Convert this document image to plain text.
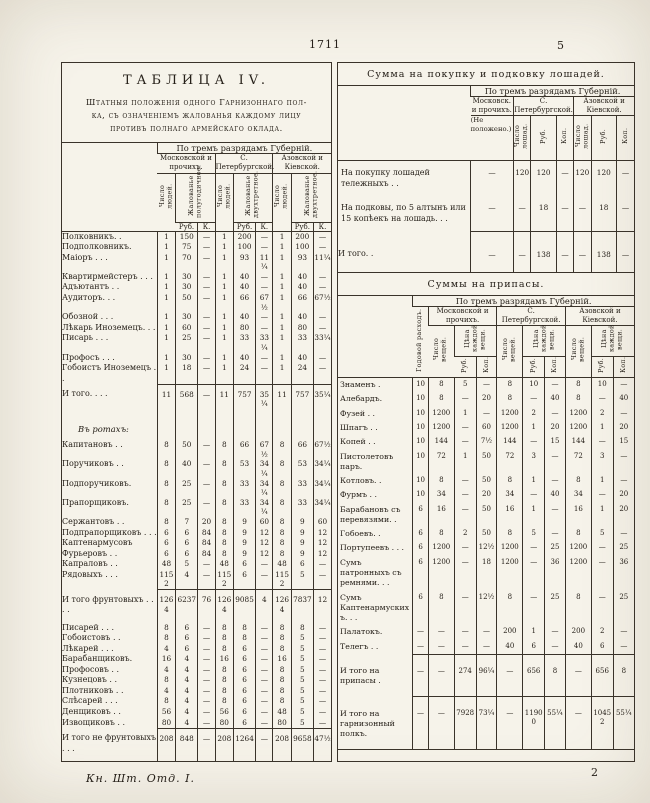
1711	5
ТАБЛИЦА IV.
Штатныя положенія одного Гарнизоннаго пол-
ка, съ означеніемъ жалованья каждому лицу
противъ полнаго армейскаго оклада.
	По тремъ разрядамъ Губерній.								
	Московской и прочихъ.			С. Петербургской.			Азовской и Кіевской.		
	Число людей.	Жалованье полугодичное.		Число людей.	Жалованье двухтретное.		Число людей.	Жалованье двухтретное.	
		Руб.	К.		Руб.	К.		Руб.	К.
Полковникъ. .	1	150	—	1	200	—	1	200	—
Подполковникъ.	1	75	—	1	100	—	1	100	—
Маіоръ . . .	1	70	—	1	93	11¼	1	93	11¼
Квартирмейстеръ . . .	1	30	—	1	40	—	1	40	—
Адъютантъ . .	1	30	—	1	40	—	1	40	—
Аудиторъ. . .	1	50	—	1	66	67½	1	66	67½
Обозной . . .	1	30	—	1	40	—	1	40	—
Лѣкарь Иноземецъ. . .	1	60	—	1	80	—	1	80	—
Писарь . . .	1	25	—	1	33	33¼	1	33	33¼
Профосъ . . .	1	30	—	1	40	—	1	40	—
Гобоистъ Иноземецъ . .	1	18	—	1	24	—	1	24	—
И того. . . .	11	568	—	11	757	35¼	11	757	35¼
Въ ротахъ:									
Капитановъ . .	8	50	—	8	66	67½	8	66	67½
Поручиковъ . .	8	40	—	8	53	34¼	8	53	34¼
Подпоручиковъ.	8	25	—	8	33	34¼	8	33	34¼
Прапорщиковъ.	8	25	—	8	33	34¼	8	33	34¼
Сержантовъ . .	8	7	20	8	9	60	8	9	60
Подпрапорщиковъ . . .	6	6	84	8	9	12	8	9	12
Каптенармусовъ	6	6	84	8	9	12	8	9	12
Фурьеровъ . .	6	6	84	8	9	12	8	9	12
Капраловъ . .	48	5	—	48	6	—	48	6	—
Рядовыхъ . . .	1152	4	—	1152	6	—	1152	5	—
И того фрунтовыхъ . . . .	1264	6237	76	1264	9085	4	1264	7837	12
Писарей . . .	8	6	—	8	8	—	8	8	—
Гобоистовъ . .	8	6	—	8	8	—	8	5	—
Лѣкарей . . .	4	6	—	8	6	—	8	5	—
Барабанщиковъ.	16	4	—	16	6	—	16	5	—
Профосовъ . .	4	4	—	8	6	—	8	5	—
Кузнецовъ . .	8	4	—	8	6	—	8	5	—
Плотниковъ . .	4	4	—	8	6	—	8	5	—
Слѣсарей . . .	8	4	—	8	6	—	8	5	—
Денщиковъ . .	56	4	—	56	6	—	48	5	—
Извощиковъ . .	80	4	—	80	6	—	80	5	—
И того не фрунтовыхъ . . .	208	848	—	208	1264	—	208	9658	47½
Сумма на покупку и подковку лошадей.
	По тремъ разрядамъ Губерній.						
	Московск. и прочихъ.	С. Петербургской.			Азовской и Кіевской.		
	(Не положено.)	Число лошад.	Руб.	Коп.	Число лошад.	Руб.	Коп.
На покупку лошадей тележныхъ . .	—	120	120	—	120	120	—
На подковы, по 5 алтынъ или 15 копѣекъ на лошадь. . .	—	—	18	—	—	18	—
И того. .	—	—	138	—	—	138	—
Суммы на припасы.
	По тремъ разрядамъ Губерній.									
	Годовой расходъ.	Московской и прочихъ.			С. Петербургской.			Азовской и Кіевской.		
		Число вещей.	Цѣна каждой вещи.		Число вещей.	Цѣна каждой вещи.		Число вещей.	Цѣна каждой вещи.	
			Руб.	Коп.		Руб.	Коп.		Руб.	Коп.
Знаменъ .	10	8	5	—	8	10	—	8	10	—
Алебардъ.	10	8	—	20	8	—	40	8	—	40
Фузей . .	10	1200	1	—	1200	2	—	1200	2	—
Шпагъ . .	10	1200	—	60	1200	1	20	1200	1	20
Копей . .	10	144	—	7½	144	—	15	144	—	15
Пистолетовъ паръ.	10	72	1	50	72	3	—	72	3	—
Котловъ. .	10	8	—	50	8	1	—	8	1	—
Фурмъ . .	10	34	—	20	34	—	40	34	—	20
Барабановъ съ перевязями. .	6	16	—	50	16	1	—	16	1	20
Гобоевъ. .	6	8	2	50	8	5	—	8	5	—
Портупеевъ . . .	6	1200	—	12½	1200	—	25	1200	—	25
Сумъ патронныхъ съ ремнями. . .	6	1200	—	18	1200	—	36	1200	—	36
Сумъ Каптенармускихъ. . .	6	8	—	12½	8	—	25	8	—	25
Палатокъ.	—	—	—	—	200	1	—	200	2	—
Телегъ . .	—	—	—	—	40	6	—	40	6	—
И того на припасы .	—	—	274	96¼	—	656	8	—	656	8
И того на гарнизонный полкъ.	—	—	7928	73¼	—	11900	55¼	—	10452	55¼
Кн. Шт. Отд. I.	2
